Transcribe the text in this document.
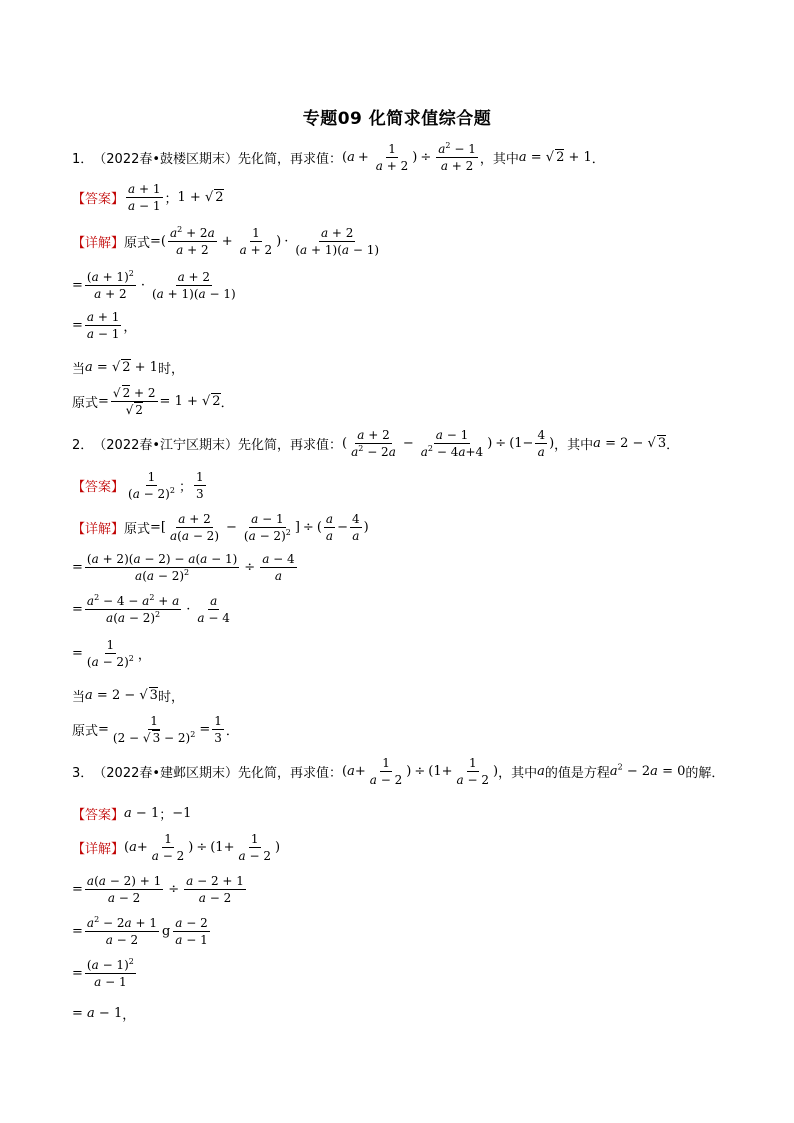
专题09 化简求值综合题
1． （2022春•鼓楼区期末）先化简，再求值： ($a + \frac{1}{a + 2}$ ) ÷ $\frac{a^2 - 1}{a + 2}$ ，其中 a = √ 2 + 1 ．
【答案】 $\frac{a + 1}{a - 1}$ ； 1 + √ 2
【详解】 原式 =( $\frac{a^2 + 2a}{a + 2} + \frac{1}{a + 2}$ ) · $\frac{a + 2}{(a + 1)(a - 1)}$
= $\frac{(a + 1)^2}{a + 2} \cdot \frac{a + 2}{(a + 1)(a - 1)}$
= $\frac{a + 1}{a - 1}$ ，
当 a = √ 2 + 1 时，
原式 = $\frac{√ 2 + 2}{√ 2} = 1$ + √ 2 ．
2． （2022春•江宁区期末）先化简，再求值： ( $\frac{a + 2}{a^2 - 2a} - \frac{a - 1}{a^2 - 4a+4}$ ) ÷ ($1- \frac{4}{a}$ ) ，其中 a = 2 − √ 3 ．
【答案】 $\frac{1}{(a - 2)^2}$ ； $\frac{1}{3}$
【详解】 原式 =[ $\frac{a + 2}{a(a - 2)} - \frac{a - 1}{(a - 2)^2}$ ] ÷ ( $\frac{a}{a} - \frac{4}{a}$ )
= $\frac{(a + 2)(a - 2) - a(a - 1)}{a(a - 2)^2} \div \frac{a - 4}{a}$
= $\frac{a^2 - 4 - a^2 + a}{a(a - 2)^2} \cdot \frac{a}{a - 4}$
= $\frac{1}{(a - 2)^2}$ ，
当 a = 2 − √ 3 时，
原式 = $\frac{1}{(2 - √ 3 - 2)^2} = \frac{1}{3}$ ．
3． （2022春•建邺区期末）先化简，再求值： ($a+ \frac{1}{a - 2}$ ) ÷ ($1+ \frac{1}{a - 2}$ ) ，其中 a 的值是方程 $a^2 - 2a = 0$ 的解．
【答案】 a − 1 ； −1
【详解】 ($a+ \frac{1}{a - 2}$ ) ÷ ($1+ \frac{1}{a - 2}$ )
= $\frac{a(a - 2) + 1}{a - 2} \div \frac{a - 2 + 1}{a - 2}$
= $\frac{a^2 - 2a + 1}{a - 2}$ g $\frac{a - 2}{a - 1}$
= $\frac{(a - 1)^2}{a - 1}$
= a − 1 ，
